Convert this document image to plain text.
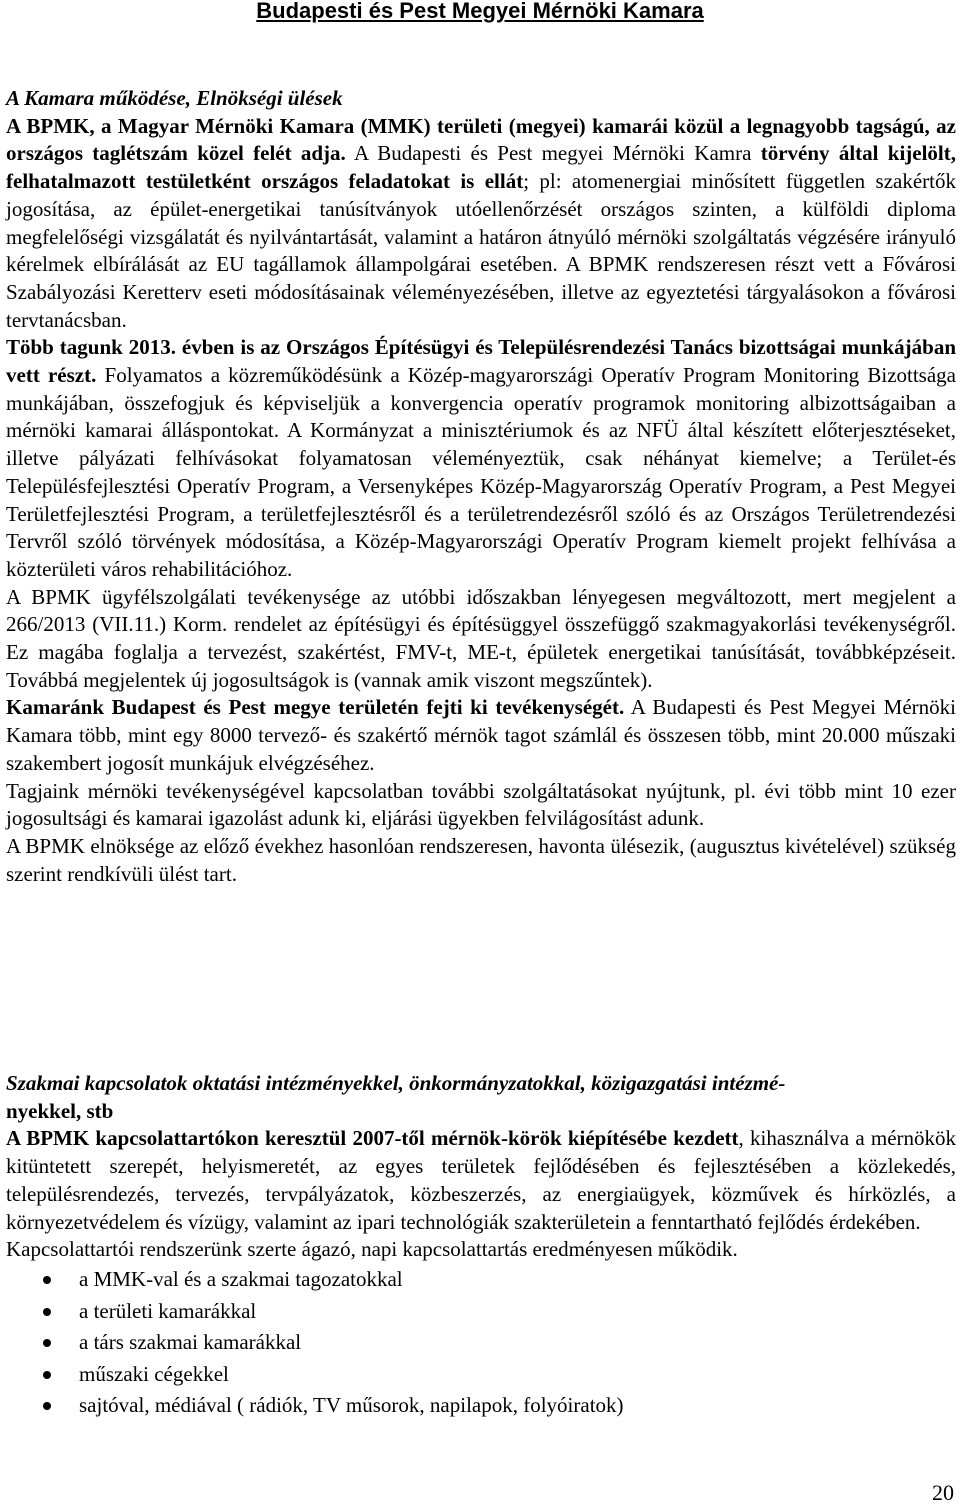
Budapesti és Pest Megyei Mérnöki Kamara

A Kamara működése, Elnökségi ülések

A BPMK, a Magyar Mérnöki Kamara (MMK) területi (megyei) kamarái közül a legnagyobb tagságú, az országos taglétszám közel felét adja. A Budapesti és Pest megyei Mérnöki Kamra törvény által kijelölt, felhatalmazott testületként országos feladatokat is ellát; pl: atomenergiai minősített független szakértők jogosítása, az épület-energetikai tanúsítványok utóellenőrzését országos szinten, a külföldi diploma megfelelőségi vizsgálatát és nyilvántartását, valamint a határon átnyúló mérnöki szolgáltatás végzésére irányuló kérelmek elbírálását az EU tagállamok állampolgárai esetében. A BPMK rendszeresen részt vett a Fővárosi Szabályozási Keretterv eseti módosításainak véleményezésében, illetve az egyeztetési tárgyalásokon a fővárosi tervtanácsban.

Több tagunk 2013. évben is az Országos Építésügyi és Településrendezési Tanács bizottságai munkájában vett részt. Folyamatos a közreműködésünk a Közép-magyarországi Operatív Program Monitoring Bizottsága munkájában, összefogjuk és képviseljük a konvergencia operatív programok monitoring albizottságaiban a mérnöki kamarai álláspontokat. A Kormányzat a minisztériumok és az NFÜ által készített előterjesztéseket, illetve pályázati felhívásokat folyamatosan véleményeztük, csak néhányat kiemelve; a Terület-és Településfejlesztési Operatív Program, a Versenyképes Közép-Magyarország Operatív Program, a Pest Megyei Területfejlesztési Program, a területfejlesztésről és a területrendezésről szóló és az Országos Területrendezési Tervről szóló törvények módosítása, a Közép-Magyarországi Operatív Program kiemelt projekt felhívása a közterületi város rehabilitációhoz.

A BPMK ügyfélszolgálati tevékenysége az utóbbi időszakban lényegesen megváltozott, mert megjelent a 266/2013 (VII.11.) Korm. rendelet az építésügyi és építésüggyel összefüggő szakmagyakorlási tevékenységről. Ez magába foglalja a tervezést, szakértést, FMV-t, ME-t, épületek energetikai tanúsítását, továbbképzéseit. Továbbá megjelentek új jogosultságok is (vannak amik viszont megszűntek).

Kamaránk Budapest és Pest megye területén fejti ki tevékenységét. A Budapesti és Pest Megyei Mérnöki Kamara több, mint egy 8000 tervező- és szakértő mérnök tagot számlál és összesen több, mint 20.000 műszaki szakembert jogosít munkájuk elvégzéséhez.

Tagjaink mérnöki tevékenységével kapcsolatban további szolgáltatásokat nyújtunk, pl. évi több mint 10 ezer jogosultsági és kamarai igazolást adunk ki, eljárási ügyekben felvilágosítást adunk.

A BPMK elnöksége az előző évekhez hasonlóan rendszeresen, havonta ülésezik, (augusztus kivételével) szükség szerint rendkívüli ülést tart.

Szakmai kapcsolatok oktatási intézményekkel, önkormányzatokkal, közigazgatási intézmé-
nyekkel, stb

A BPMK kapcsolattartókon keresztül 2007-től mérnök-körök kiépítésébe kezdett, kihasználva a mérnökök kitüntetett szerepét, helyismeretét, az egyes területek fejlődésében és fejlesztésében a közlekedés, településrendezés, tervezés, tervpályázatok, közbeszerzés, az energiaügyek, közművek és hírközlés, a környezetvédelem és vízügy, valamint az ipari technológiák szakterületein a fenntartható fejlődés érdekében.

Kapcsolattartói rendszerünk szerte ágazó, napi kapcsolattartás eredményesen működik.

a MMK-val és a szakmai tagozatokkal
a területi kamarákkal
a társ szakmai kamarákkal
műszaki cégekkel
sajtóval, médiával ( rádiók, TV műsorok, napilapok, folyóiratok)
20
